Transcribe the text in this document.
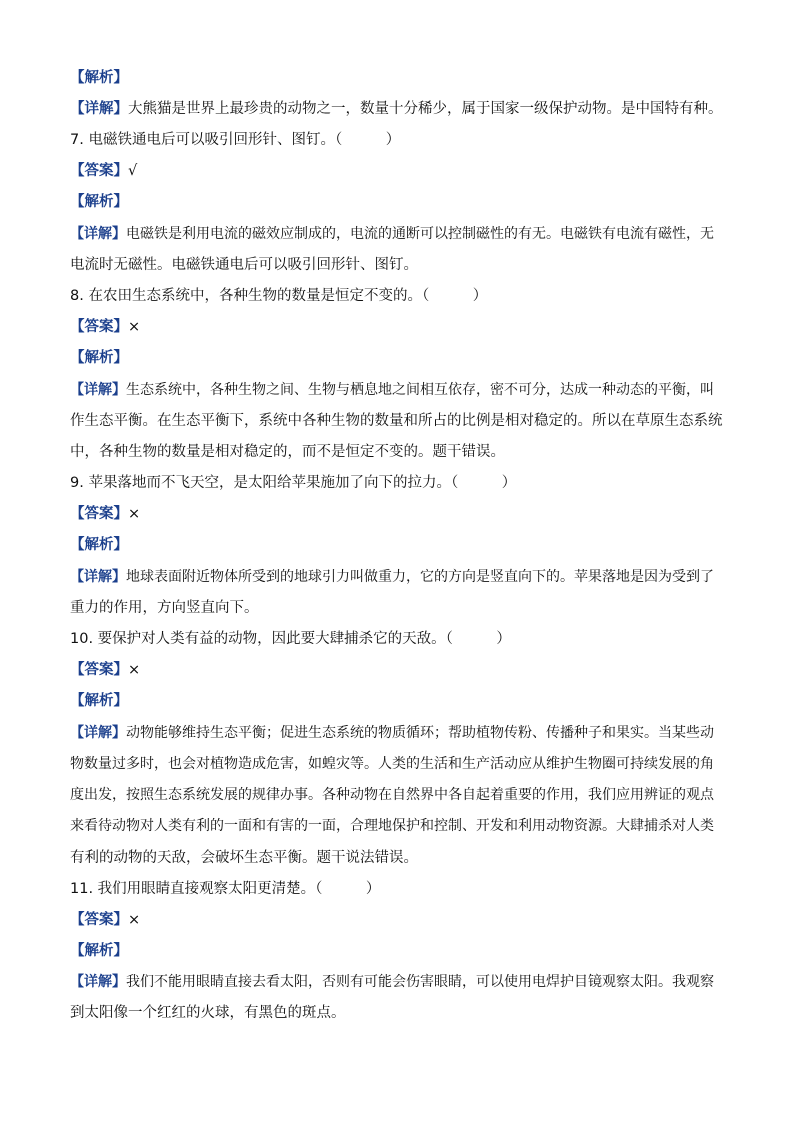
【解析】
【详解】大熊猫是世界上最珍贵的动物之一，数量十分稀少，属于国家一级保护动物。是中国特有种。
7. 电磁铁通电后可以吸引回形针、图钉。（　　　）
【答案】√
【解析】
【详解】电磁铁是利用电流的磁效应制成的，电流的通断可以控制磁性的有无。电磁铁有电流有磁性，无
电流时无磁性。电磁铁通电后可以吸引回形针、图钉。
8. 在农田生态系统中，各种生物的数量是恒定不变的。（　　　）
【答案】×
【解析】
【详解】生态系统中，各种生物之间、生物与栖息地之间相互依存，密不可分，达成一种动态的平衡，叫
作生态平衡。在生态平衡下，系统中各种生物的数量和所占的比例是相对稳定的。所以在草原生态系统
中，各种生物的数量是相对稳定的，而不是恒定不变的。题干错误。
9. 苹果落地而不飞天空，是太阳给苹果施加了向下的拉力。（　　　）
【答案】×
【解析】
【详解】地球表面附近物体所受到的地球引力叫做重力，它的方向是竖直向下的。苹果落地是因为受到了
重力的作用，方向竖直向下。
10. 要保护对人类有益的动物，因此要大肆捕杀它的天敌。（　　　）
【答案】×
【解析】
【详解】动物能够维持生态平衡；促进生态系统的物质循环；帮助植物传粉、传播种子和果实。当某些动
物数量过多时，也会对植物造成危害，如蝗灾等。人类的生活和生产活动应从维护生物圈可持续发展的角
度出发，按照生态系统发展的规律办事。各种动物在自然界中各自起着重要的作用，我们应用辨证的观点
来看待动物对人类有利的一面和有害的一面，合理地保护和控制、开发和利用动物资源。大肆捕杀对人类
有利的动物的天敌，会破坏生态平衡。题干说法错误。
11. 我们用眼睛直接观察太阳更清楚。（　　　）
【答案】×
【解析】
【详解】我们不能用眼睛直接去看太阳，否则有可能会伤害眼睛，可以使用电焊护目镜观察太阳。我观察
到太阳像一个红红的火球，有黑色的斑点。
